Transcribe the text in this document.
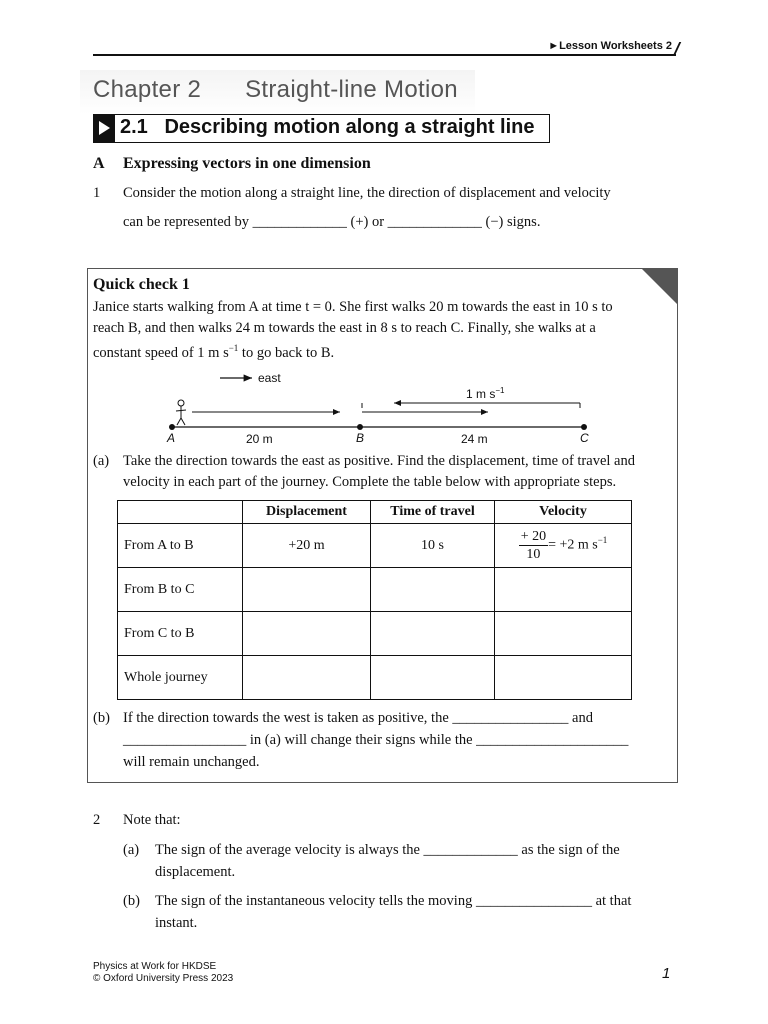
►Lesson Worksheets 2
Chapter 2 Straight-line Motion
2.1   Describing motion along a straight line
A Expressing vectors in one dimension
1 Consider the motion along a straight line, the direction of displacement and velocity
can be represented by _____________ (+) or _____________ (−) signs.
Quick check 1
Janice starts walking from A at time t = 0. She first walks 20 m towards the east in 10 s to
reach B, and then walks 24 m towards the east in 8 s to reach C. Finally, she walks at a
constant speed of 1 m $s^{-1}$ to go back to B.
east
1 m $s^{-1}$
A	20 m	B	24 m	C
(a) Take the direction towards the east as positive. Find the displacement, time of travel and
velocity in each part of the journey. Complete the table below with appropriate steps.
	Displacement	Time of travel	Velocity
From A to B	+20 m	10 s	$\frac{+ 20}{10} = +2$ m $s^{-1}$
From B to C			
From C to B			
Whole journey			
(b) If the direction towards the west is taken as positive, the ________________ and
_________________ in (a) will change their signs while the _____________________
will remain unchanged.
2 Note that:
(a) The sign of the average velocity is always the _____________ as the sign of the
displacement.
(b) The sign of the instantaneous velocity tells the moving ________________ at that
instant.
Physics at Work for HKDSE
© Oxford University Press 2023	1
